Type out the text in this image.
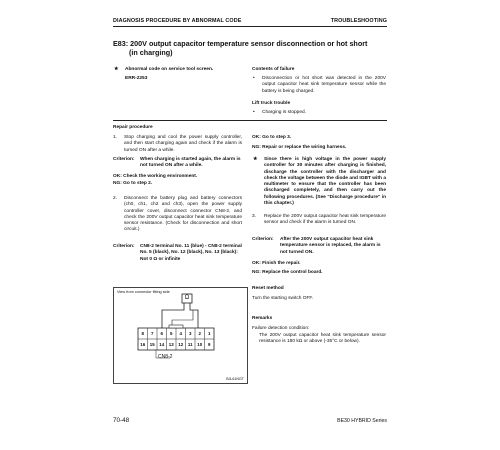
DIAGNOSIS PROCEDURE BY ABNORMAL CODE	TROUBLESHOOTING
E83: 200V output capacitor temperature sensor disconnection or hot short
(in charging)
★ Abnormal code on service tool screen.
ERR-2253
Contents of failure
• Disconnection or hot short was detected in the 200V output capacitor heat sink temperature sensor while the battery is being charged.
Lift truck trouble
• Charging is stopped.
Repair procedure
1. Stop charging and cool the power supply controller, and then start charging again and check if the alarm is turned ON after a while.
Criterion: When charging is started again, the alarm is not turned ON after a while.
OK: Check the working environment.
NG: Go to step 2.
2. Disconnect the battery plug and battery connectors (ch0, ch1, ch2 and ch3), open the power supply controller cover, disconnect connector CN8-2, and check the 200V output capacitor heat sink temperature sensor resistance. (Check for disconnection and short circuit.)
Criterion: CN8-2 terminal No. 11 (blue) - CN8-2 terminal No. 5 (black), No. 12 (black), No. 13 (black): Not 0 Ω or infinite
View from connector fitting side
Ω
8	7	6	5	4	3	2	1
16	15	14	13	12	11	10	9
CN8-2
BJL61NGT
OK: Go to step 3.
NG: Repair or replace the wiring harness.
★ Since there is high voltage in the power supply controller for 30 minutes after charging is finished, discharge the controller with the discharger and check the voltage between the diode and IGBT with a multimeter to ensure that the controller has been discharged completely, and then carry out the following procedures. (See "Discharge procedure" in this chapter.)
3. Replace the 200V output capacitor heat sink temperature sensor and check if the alarm is turned ON.
Criterion: After the 200V output capacitor heat sink temperature sensor is replaced, the alarm is not turned ON.
OK: Finish the repair.
NG: Replace the control board.
Reset method
Turn the starting switch OFF.
Remarks
Failure detection condition:
The 200V output capacitor heat sink temperature sensor resistance is 180 kΩ or above (-35°C or below).
70-48	BE30 HYBRID Series
